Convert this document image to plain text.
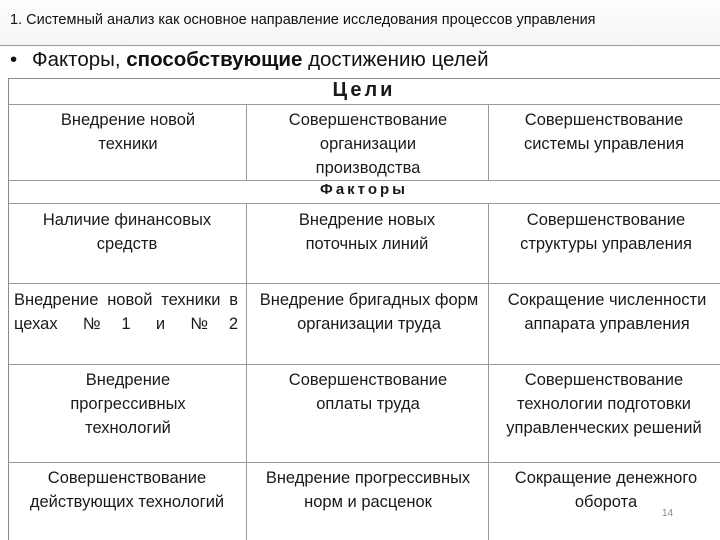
1. Системный анализ как основное направление исследования процессов управления
• Факторы, способствующие достижению целей
Цели
Факторы
Внедрение новой техники
Совершенствование организации производства
Совершенствование системы управления
Наличие финансовых средств
Внедрение новых поточных линий
Совершенствование структуры управления
Внедрение новой техники в цехах №1 и №2
Внедрение бригадных форм организации труда
Сокращение численности аппарата управления
Внедрение прогрессивных технологий
Совершенствование оплаты труда
Совершенствование технологии подготовки управленческих решений
Совершенствование действующих технологий
Внедрение прогрессивных норм и расценок
Сокращение денежного оборота
14
